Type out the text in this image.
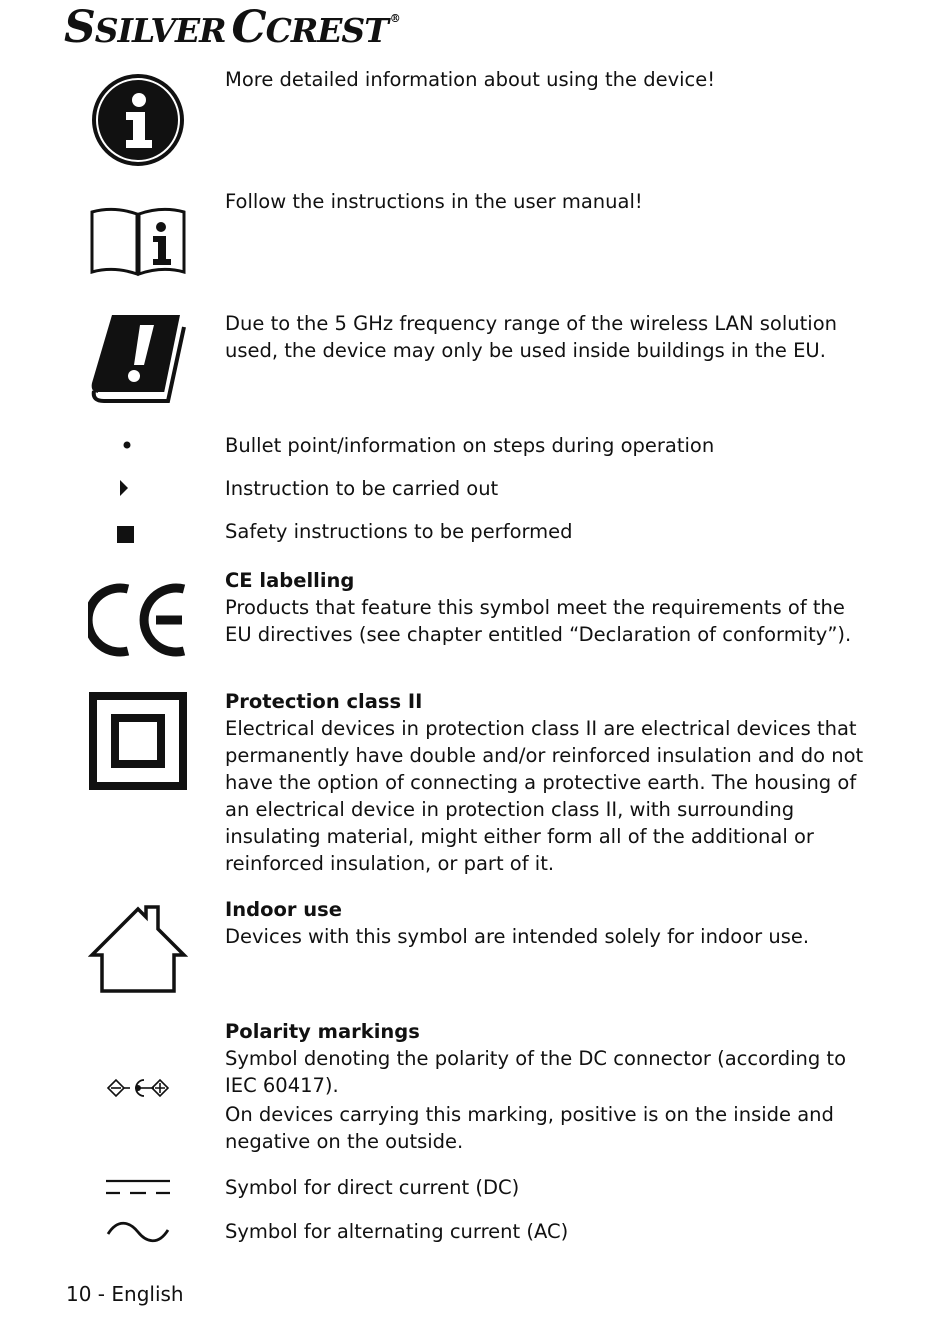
SSILVER CCREST ®
More detailed information about using the device!
Follow the instructions in the user manual!
Due to the 5 GHz frequency range of the wireless LAN solution used, the device may only be used inside buildings in the EU.
Bullet point/information on steps during operation
Instruction to be carried out
Safety instructions to be performed
CE labelling

Products that feature this symbol meet the requirements of the EU directives (see chapter entitled “Declaration of conformity”).

Protection class II

Electrical devices in protection class II are electrical devices that permanently have double and/or reinforced insulation and do not have the option of connecting a protective earth. The housing of an electrical device in protection class II, with surrounding insulating material, might either form all of the additional or reinforced insulation, or part of it.

Indoor use

Devices with this symbol are intended solely for indoor use.

Polarity markings

Symbol denoting the polarity of the DC connector (according to IEC 60417).

On devices carrying this marking, positive is on the inside and negative on the outside.

Symbol for direct current (DC)
Symbol for alternating current (AC)
10 - English
